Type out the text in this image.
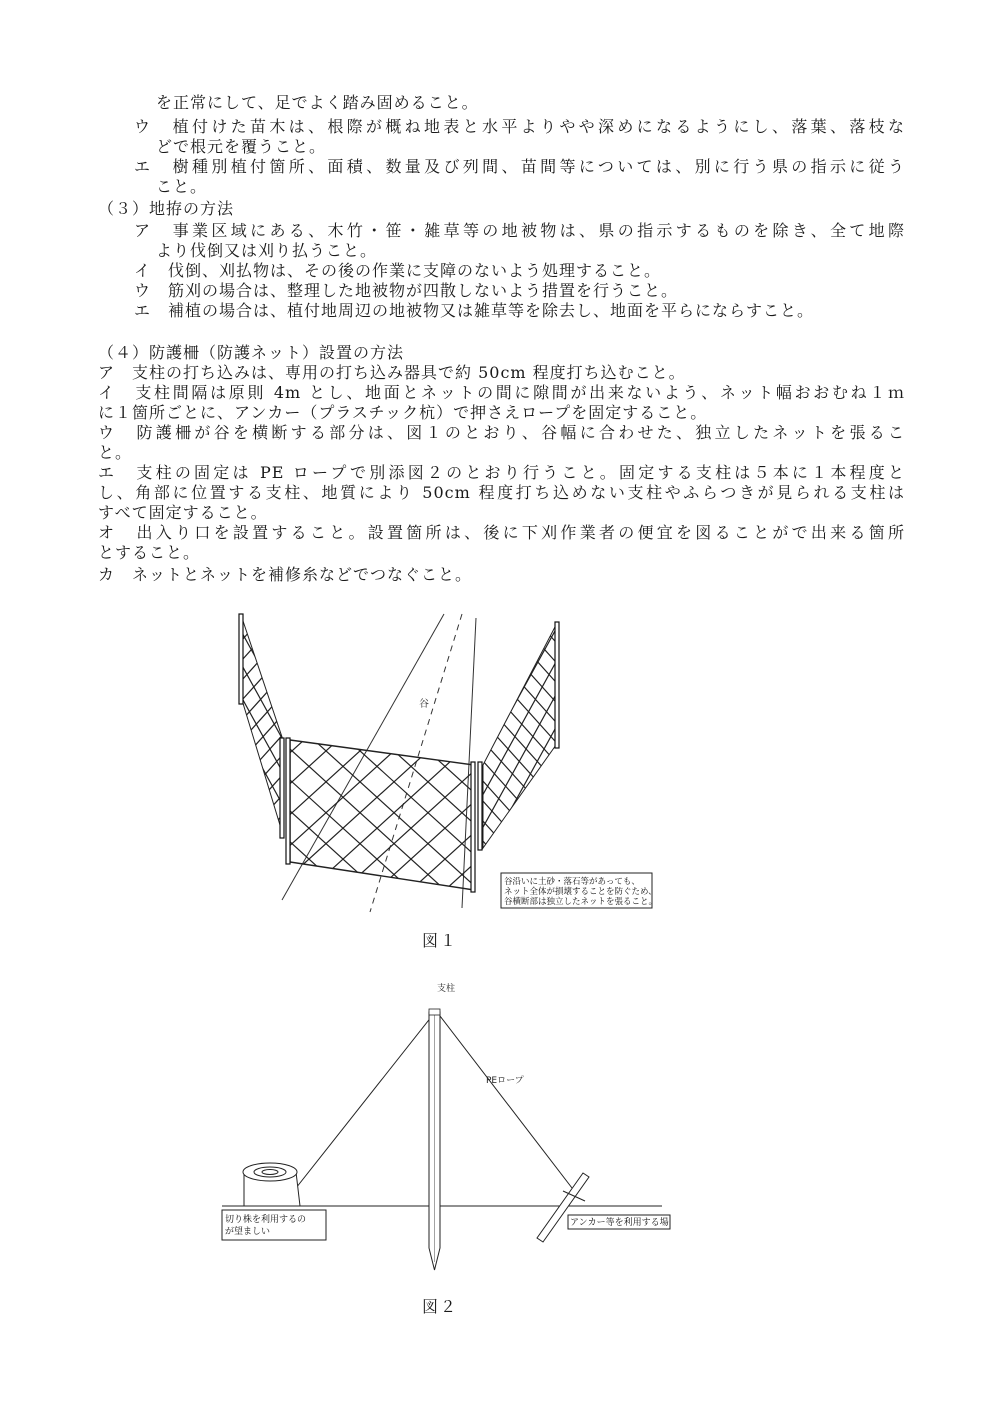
を正常にして、足でよく踏み固めること。
ウ　植付けた苗木は、根際が概ね地表と水平よりやや深めになるようにし、落葉、落枝な
どで根元を覆うこと。
エ　樹種別植付箇所、面積、数量及び列間、苗間等については、別に行う県の指示に従う
こと。
（３）地拵の方法
ア　事業区域にある、木竹・笹・雑草等の地被物は、県の指示するものを除き、全て地際
より伐倒又は刈り払うこと。
イ　伐倒、刈払物は、その後の作業に支障のないよう処理すること。
ウ　筋刈の場合は、整理した地被物が四散しないよう措置を行うこと。
エ　補植の場合は、植付地周辺の地被物又は雑草等を除去し、地面を平らにならすこと。
（４）防護柵（防護ネット）設置の方法
ア　支柱の打ち込みは、専用の打ち込み器具で約 50cm 程度打ち込むこと。
イ　支柱間隔は原則 4m とし、地面とネットの間に隙間が出来ないよう、ネット幅おおむね１ｍ
に１箇所ごとに、アンカー（プラスチック杭）で押さえロープを固定すること。
ウ　防護柵が谷を横断する部分は、図１のとおり、谷幅に合わせた、独立したネットを張るこ
と。
エ　支柱の固定は PE ロープで別添図２のとおり行うこと。固定する支柱は５本に１本程度と
し、角部に位置する支柱、地質により 50cm 程度打ち込めない支柱やふらつきが見られる支柱は
すべて固定すること。
オ　出入り口を設置すること。設置箇所は、後に下刈作業者の便宜を図ることがで出来る箇所
とすること。
カ　ネットとネットを補修糸などでつなぐこと。
谷
谷沿いに土砂・落石等があっても、
ネット全体が損壊することを防ぐため、
谷横断部は独立したネットを張ること。
図１
支柱
PEロープ
切り株を利用するの
が望ましい
アンカー等を利用する場
図２
